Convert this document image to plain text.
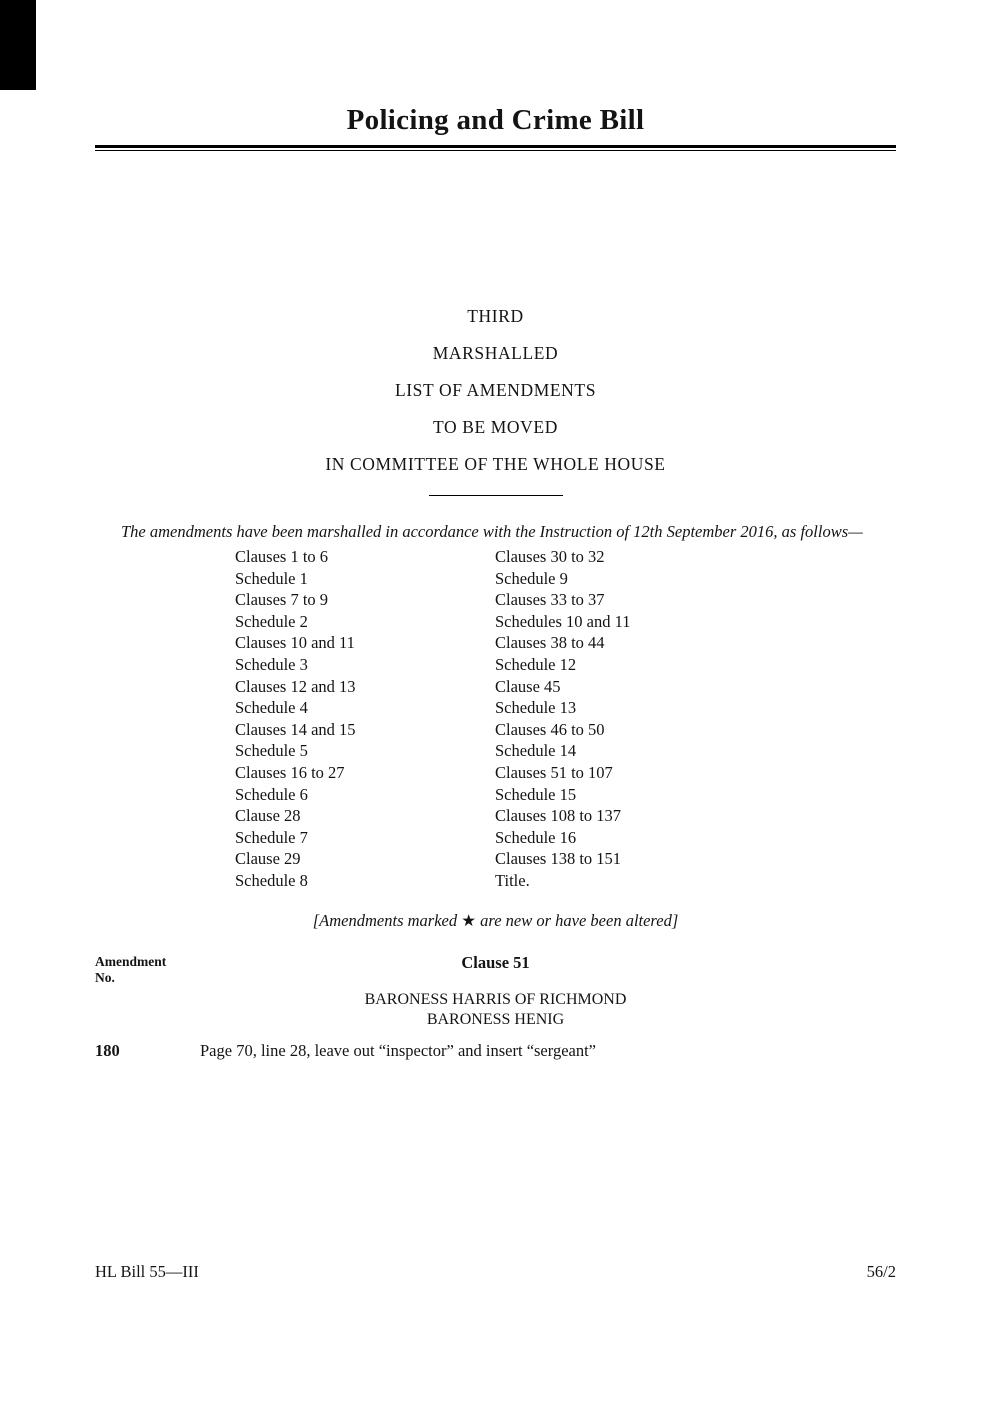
Policing and Crime Bill
THIRD
MARSHALLED
LIST OF AMENDMENTS
TO BE MOVED
IN COMMITTEE OF THE WHOLE HOUSE

The amendments have been marshalled in accordance with the Instruction of 12th September 2016, as follows—

Clauses 1 to 6
Schedule 1
Clauses 7 to 9
Schedule 2
Clauses 10 and 11
Schedule 3
Clauses 12 and 13
Schedule 4
Clauses 14 and 15
Schedule 5
Clauses 16 to 27
Schedule 6
Clause 28
Schedule 7
Clause 29
Schedule 8
Clauses 30 to 32
Schedule 9
Clauses 33 to 37
Schedules 10 and 11
Clauses 38 to 44
Schedule 12
Clause 45
Schedule 13
Clauses 46 to 50
Schedule 14
Clauses 51 to 107
Schedule 15
Clauses 108 to 137
Schedule 16
Clauses 138 to 151
Title.

[Amendments marked ★ are new or have been altered]

Amendment
No.
Clause 51
BARONESS HARRIS OF RICHMOND
BARONESS HENIG
180	Page 70, line 28, leave out “inspector” and insert “sergeant”
HL Bill 55—III	56/2
